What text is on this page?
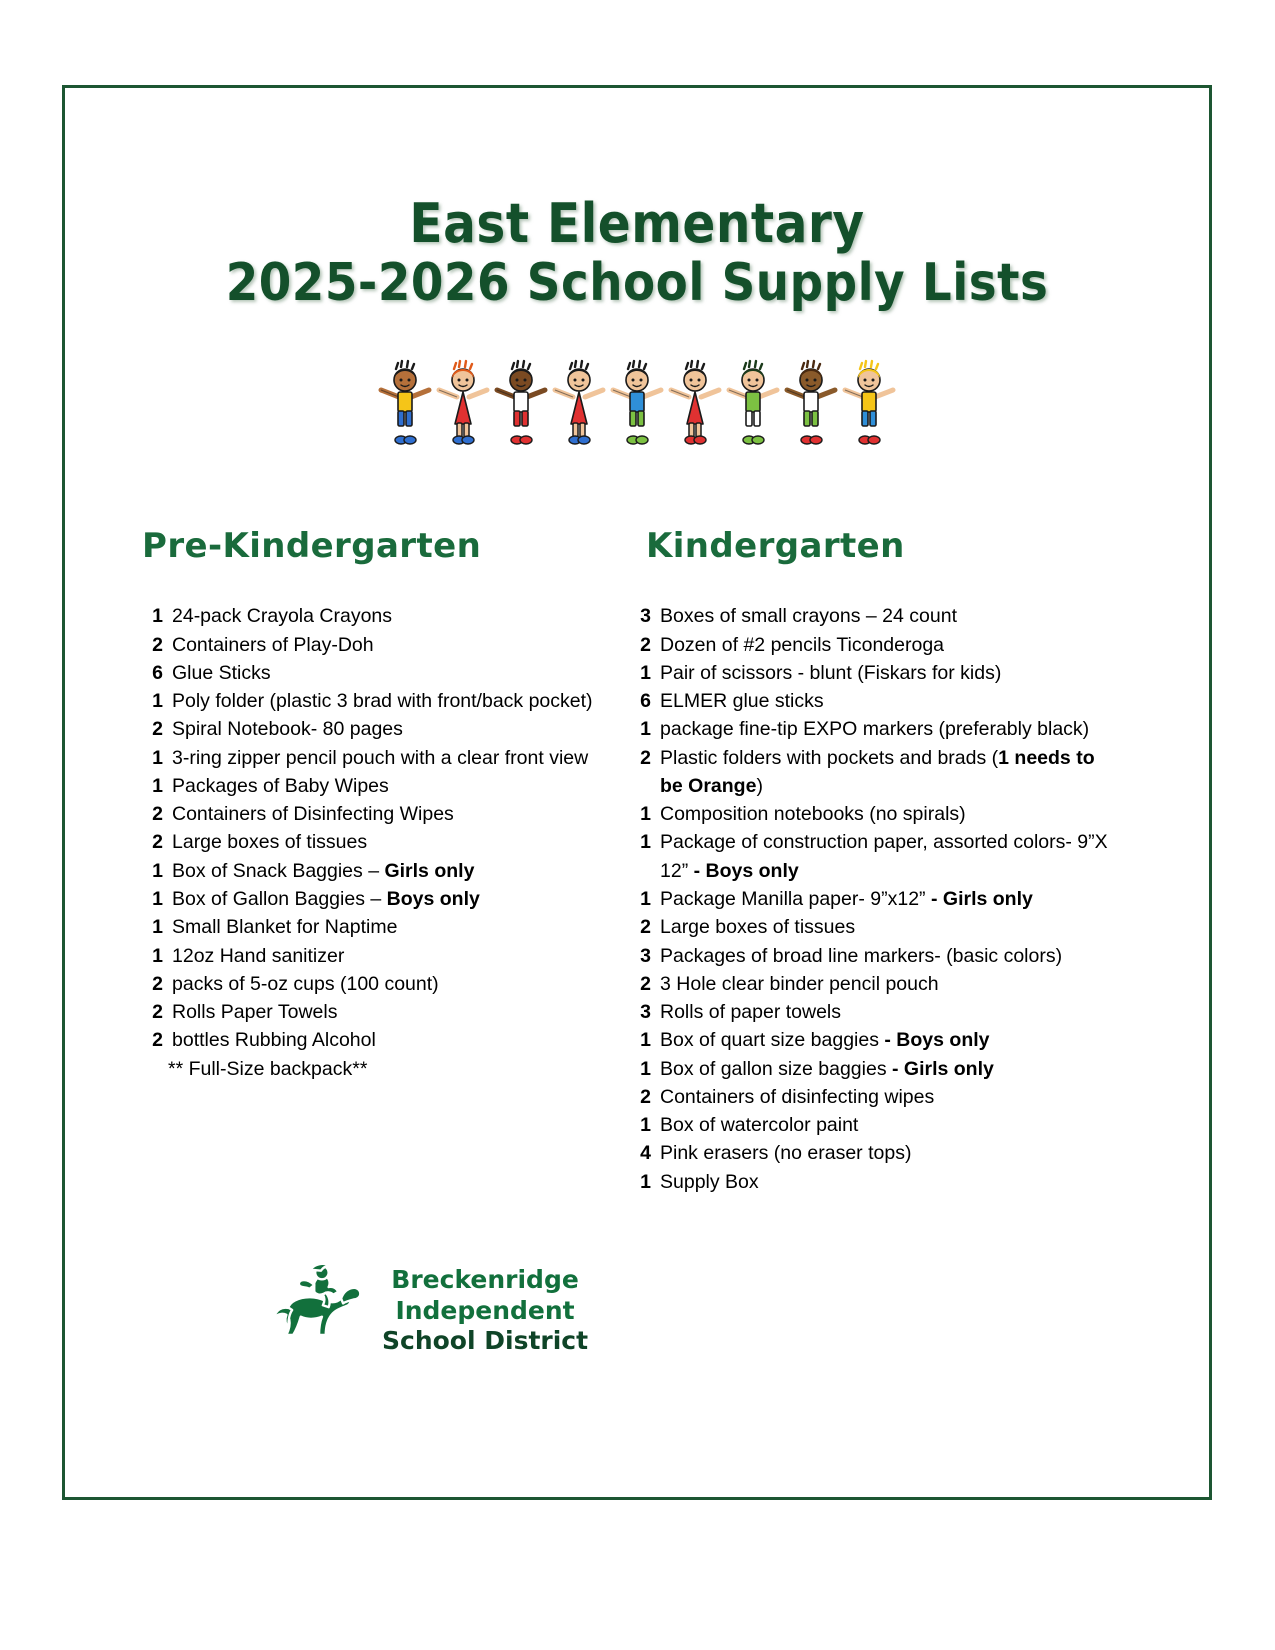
East Elementary
2025-2026 School Supply Lists
Pre-Kindergarten
1 24-pack Crayola Crayons
2 Containers of Play-Doh
6 Glue Sticks
1 Poly folder (plastic 3 brad with front/back pocket)
2 Spiral Notebook- 80 pages
1 3-ring zipper pencil pouch with a clear front view
1 Packages of Baby Wipes
2 Containers of Disinfecting Wipes
2 Large boxes of tissues
1 Box of Snack Baggies – Girls only
1 Box of Gallon Baggies – Boys only
1 Small Blanket for Naptime
1 12oz Hand sanitizer
2 packs of 5-oz cups (100 count)
2 Rolls Paper Towels
2 bottles Rubbing Alcohol
** Full-Size backpack**
Kindergarten
3 Boxes of small crayons – 24 count
2 Dozen of #2 pencils Ticonderoga
1 Pair of scissors - blunt (Fiskars for kids)
6 ELMER glue sticks
1 package fine-tip EXPO markers (preferably black)
2 Plastic folders with pockets and brads (1 needs to be Orange)
1 Composition notebooks (no spirals)
1 Package of construction paper, assorted colors- 9”X 12” - Boys only
1 Package Manilla paper- 9”x12” - Girls only
2 Large boxes of tissues
3 Packages of broad line markers- (basic colors)
2 3 Hole clear binder pencil pouch
3 Rolls of paper towels
1 Box of quart size baggies - Boys only
1 Box of gallon size baggies - Girls only
2 Containers of disinfecting wipes
1 Box of watercolor paint
4 Pink erasers (no eraser tops)
1 Supply Box
Breckenridge
Independent
School District
